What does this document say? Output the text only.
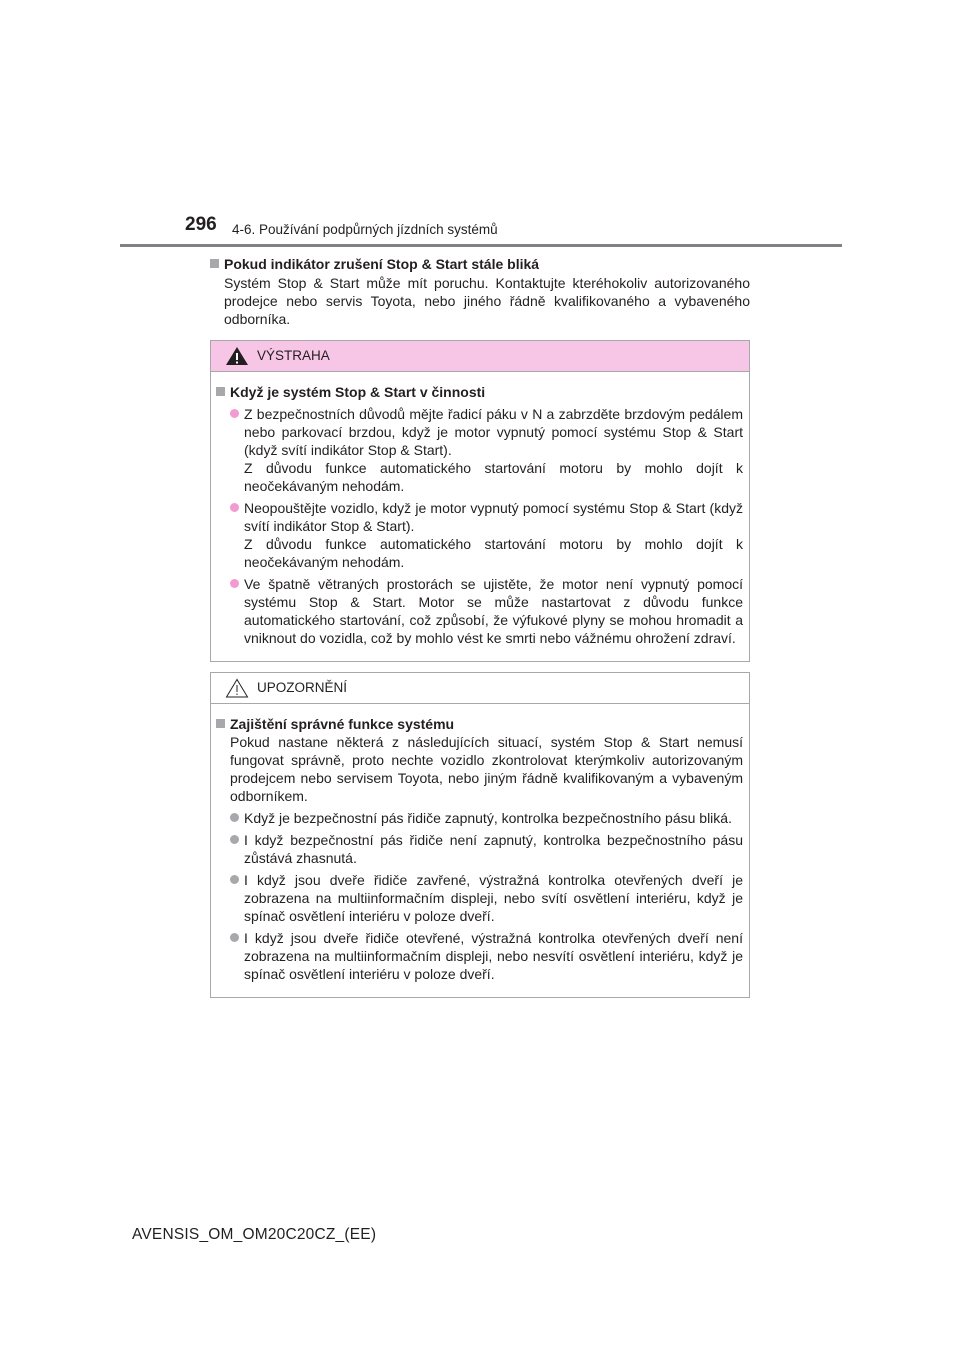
296 4-6. Používání podpůrných jízdních systémů
Pokud indikátor zrušení Stop & Start stále bliká
Systém Stop & Start může mít poruchu. Kontaktujte kteréhokoliv autorizovaného prodejce nebo servis Toyota, nebo jiného řádně kvalifikovaného a vybaveného odborníka.
VÝSTRAHA
Když je systém Stop & Start v činnosti
Z bezpečnostních důvodů mějte řadicí páku v N a zabrzděte brzdovým pedálem nebo parkovací brzdou, když je motor vypnutý pomocí systému Stop & Start (když svítí indikátor Stop & Start).
Z důvodu funkce automatického startování motoru by mohlo dojít k neočekávaným nehodám.
Neopouštějte vozidlo, když je motor vypnutý pomocí systému Stop & Start (když svítí indikátor Stop & Start).
Z důvodu funkce automatického startování motoru by mohlo dojít k neočekávaným nehodám.
Ve špatně větraných prostorách se ujistěte, že motor není vypnutý pomocí systému Stop & Start. Motor se může nastartovat z důvodu funkce automatického startování, což způsobí, že výfukové plyny se mohou hromadit a vniknout do vozidla, což by mohlo vést ke smrti nebo vážnému ohrožení zdraví.
UPOZORNĚNÍ
Zajištění správné funkce systému
Pokud nastane některá z následujících situací, systém Stop & Start nemusí fungovat správně, proto nechte vozidlo zkontrolovat kterýmkoliv autorizovaným prodejcem nebo servisem Toyota, nebo jiným řádně kvalifikovaným a vybaveným odborníkem.
Když je bezpečnostní pás řidiče zapnutý, kontrolka bezpečnostního pásu bliká.
I když bezpečnostní pás řidiče není zapnutý, kontrolka bezpečnostního pásu zůstává zhasnutá.
I když jsou dveře řidiče zavřené, výstražná kontrolka otevřených dveří je zobrazena na multiinformačním displeji, nebo svítí osvětlení interiéru, když je spínač osvětlení interiéru v poloze dveří.
I když jsou dveře řidiče otevřené, výstražná kontrolka otevřených dveří není zobrazena na multiinformačním displeji, nebo nesvítí osvětlení interiéru, když je spínač osvětlení interiéru v poloze dveří.
AVENSIS_OM_OM20C20CZ_(EE)
